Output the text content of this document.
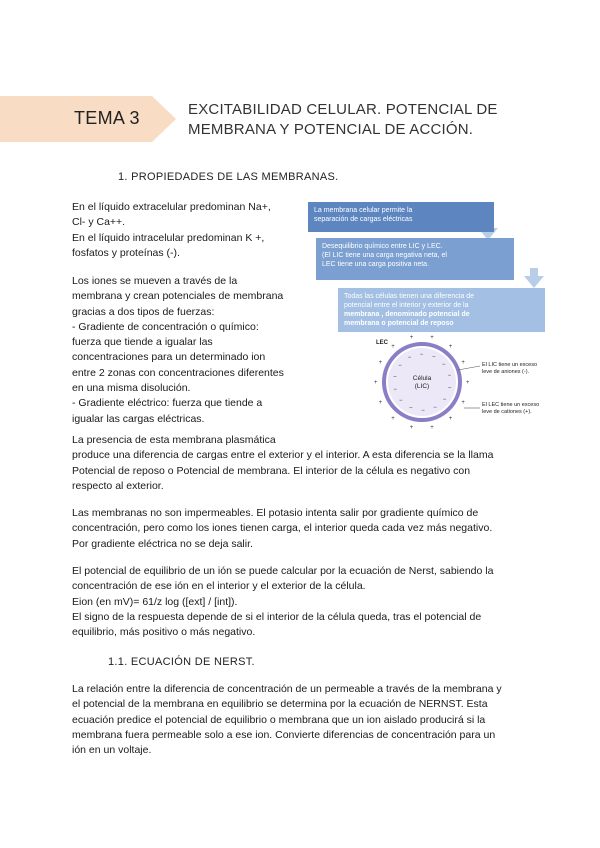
TEMA 3	EXCITABILIDAD CELULAR. POTENCIAL DE
MEMBRANA Y POTENCIAL DE ACCIÓN.
1. PROPIEDADES DE LAS MEMBRANAS.
En el líquido extracelular predominan Na+,
Cl- y Ca++.
En el líquido intracelular predominan K +,
fosfatos y proteínas (-).
Los iones se mueven a través de la
membrana y crean potenciales de membrana
gracias a dos tipos de fuerzas:
- Gradiente de concentración o químico:
fuerza que tiende a igualar las
concentraciones para un determinado ion
entre 2 zonas con concentraciones diferentes
en una misma disolución.
- Gradiente eléctrico: fuerza que tiende a
igualar las cargas eléctricas.
La membrana celular permite la
separación de cargas eléctricas
Desequilibrio químico entre LIC y LEC.
(El LIC tiene una carga negativa neta, el
LEC tiene una carga positiva neta.
Todas las células tienen una diferencia de
potencial entre el interior y exterior de la
membrana , denominado potencial de
membrana o potencial de reposo
LEC
Célula
(LIC)	+
−
+
−
+
−
+
−
+
−
+
−
+
−
+
−
+
−
+
−
+
−
+
−
+
−	+
−
El LIC tiene un exceso
leve de aniones (-).
El LEC tiene un exceso
leve de cationes (+).
La presencia de esta membrana plasmática
produce una diferencia de cargas entre el exterior y el interior. A esta diferencia se la llama
Potencial de reposo o Potencial de membrana. El interior de la célula es negativo con
respecto al exterior.
Las membranas no son impermeables. El potasio intenta salir por gradiente químico de
concentración, pero como los iones tienen carga, el interior queda cada vez más negativo.
Por gradiente eléctrica no se deja salir.
El potencial de equilibrio de un ión se puede calcular por la ecuación de Nerst, sabiendo la
concentración de ese ión en el interior y el exterior de la célula.
Eion (en mV)= 61/z log ([ext] / [int]).
El signo de la respuesta depende de si el interior de la célula queda, tras el potencial de
equilibrio, más positivo o más negativo.
1.1. ECUACIÓN DE NERST.
La relación entre la diferencia de concentración de un permeable a través de la membrana y
el potencial de la membrana en equilibrio se determina por la ecuación de NERNST. Esta
ecuación predice el potencial de equilibrio o membrana que un ion aislado producirá si la
membrana fuera permeable solo a ese ion. Convierte diferencias de concentración para un
ión en un voltaje.
